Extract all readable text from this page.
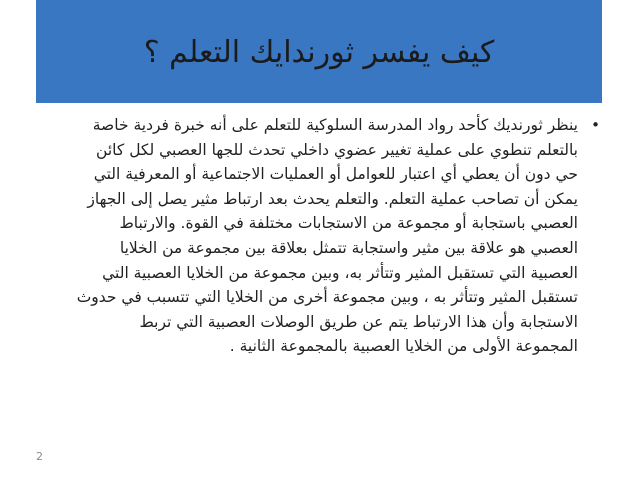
كيف يفسر ثورندايك التعلم ؟
•
ينظر ثورنديك كأحد رواد المدرسة السلوكية للتعلم على أنه خبرة فردية خاصة
بالتعلم تنطوي على عملية تغيير عضوي داخلي تحدث للجها العصبي لكل كائن
حي دون أن يعطي أي اعتبار للعوامل أو العمليات الاجتماعية أو المعرفية التي
يمكن أن تصاحب عملية التعلم. والتعلم يحدث بعد ارتباط مثير يصل إلى الجهاز
العصبي باستجابة أو مجموعة من الاستجابات مختلفة في القوة. والارتباط
العصبي هو علاقة بين مثير واستجابة تتمثل بعلاقة بين مجموعة من الخلايا
العصبية التي تستقبل المثير وتتأثر به، وبين مجموعة من الخلايا العصبية التي
تستقبل المثير وتتأثر به ، وبين مجموعة أخرى من الخلايا التي تتسبب في حدوث
الاستجابة وأن هذا الارتباط يتم عن طريق الوصلات العصبية التي تربط
المجموعة الأولى من الخلايا العصبية بالمجموعة الثانية .
2
